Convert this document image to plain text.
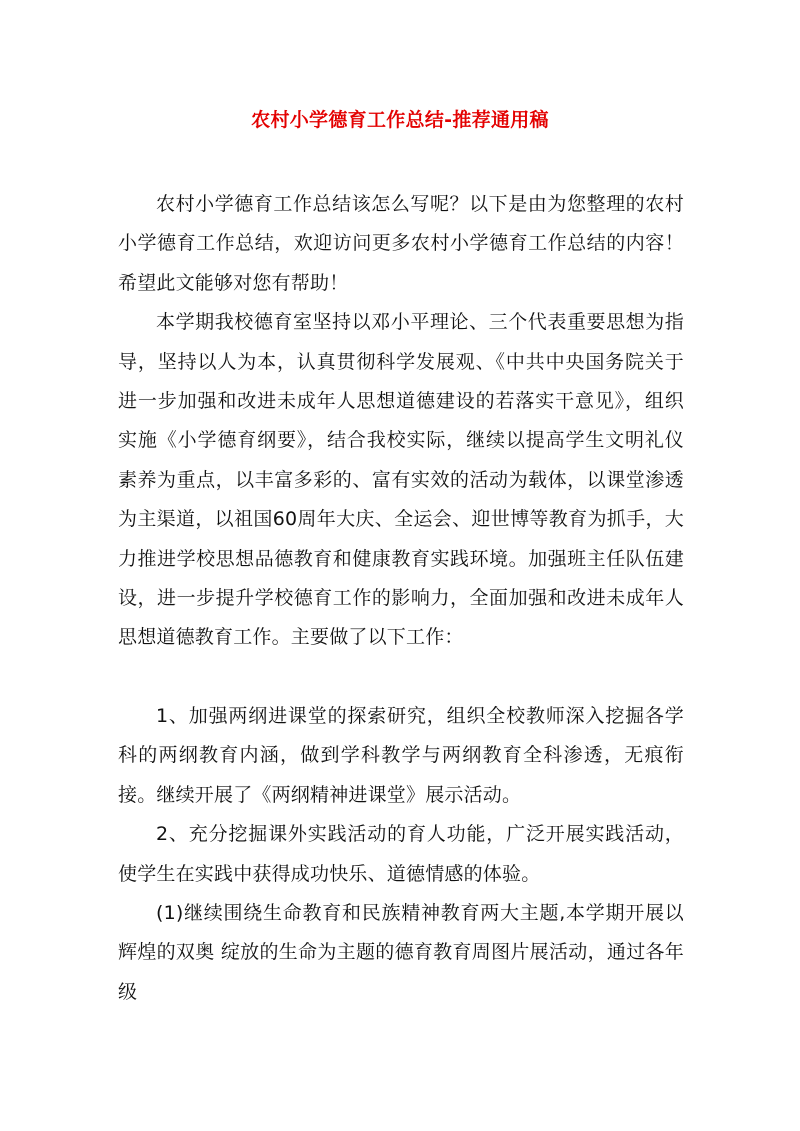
农村小学德育工作总结-推荐通用稿

农村小学德育工作总结该怎么写呢？以下是由为您整理的农村小学德育工作总结，欢迎访问更多农村小学德育工作总结的内容！希望此文能够对您有帮助！

本学期我校德育室坚持以邓小平理论、三个代表重要思想为指导，坚持以人为本，认真贯彻科学发展观、《中共中央国务院关于进一步加强和改进未成年人思想道德建设的若落实干意见》，组织实施《小学德育纲要》，结合我校实际，继续以提高学生文明礼仪素养为重点，以丰富多彩的、富有实效的活动为载体，以课堂渗透为主渠道，以祖国60周年大庆、全运会、迎世博等教育为抓手，大力推进学校思想品德教育和健康教育实践环境。加强班主任队伍建设，进一步提升学校德育工作的影响力，全面加强和改进未成年人思想道德教育工作。主要做了以下工作：

1、加强两纲进课堂的探索研究，组织全校教师深入挖掘各学科的两纲教育内涵，做到学科教学与两纲教育全科渗透，无痕衔接。继续开展了《两纲精神进课堂》展示活动。

2、充分挖掘课外实践活动的育人功能，广泛开展实践活动，使学生在实践中获得成功快乐、道德情感的体验。

(1)继续围绕生命教育和民族精神教育两大主题,本学期开展以辉煌的双奥 绽放的生命为主题的德育教育周图片展活动，通过各年级
